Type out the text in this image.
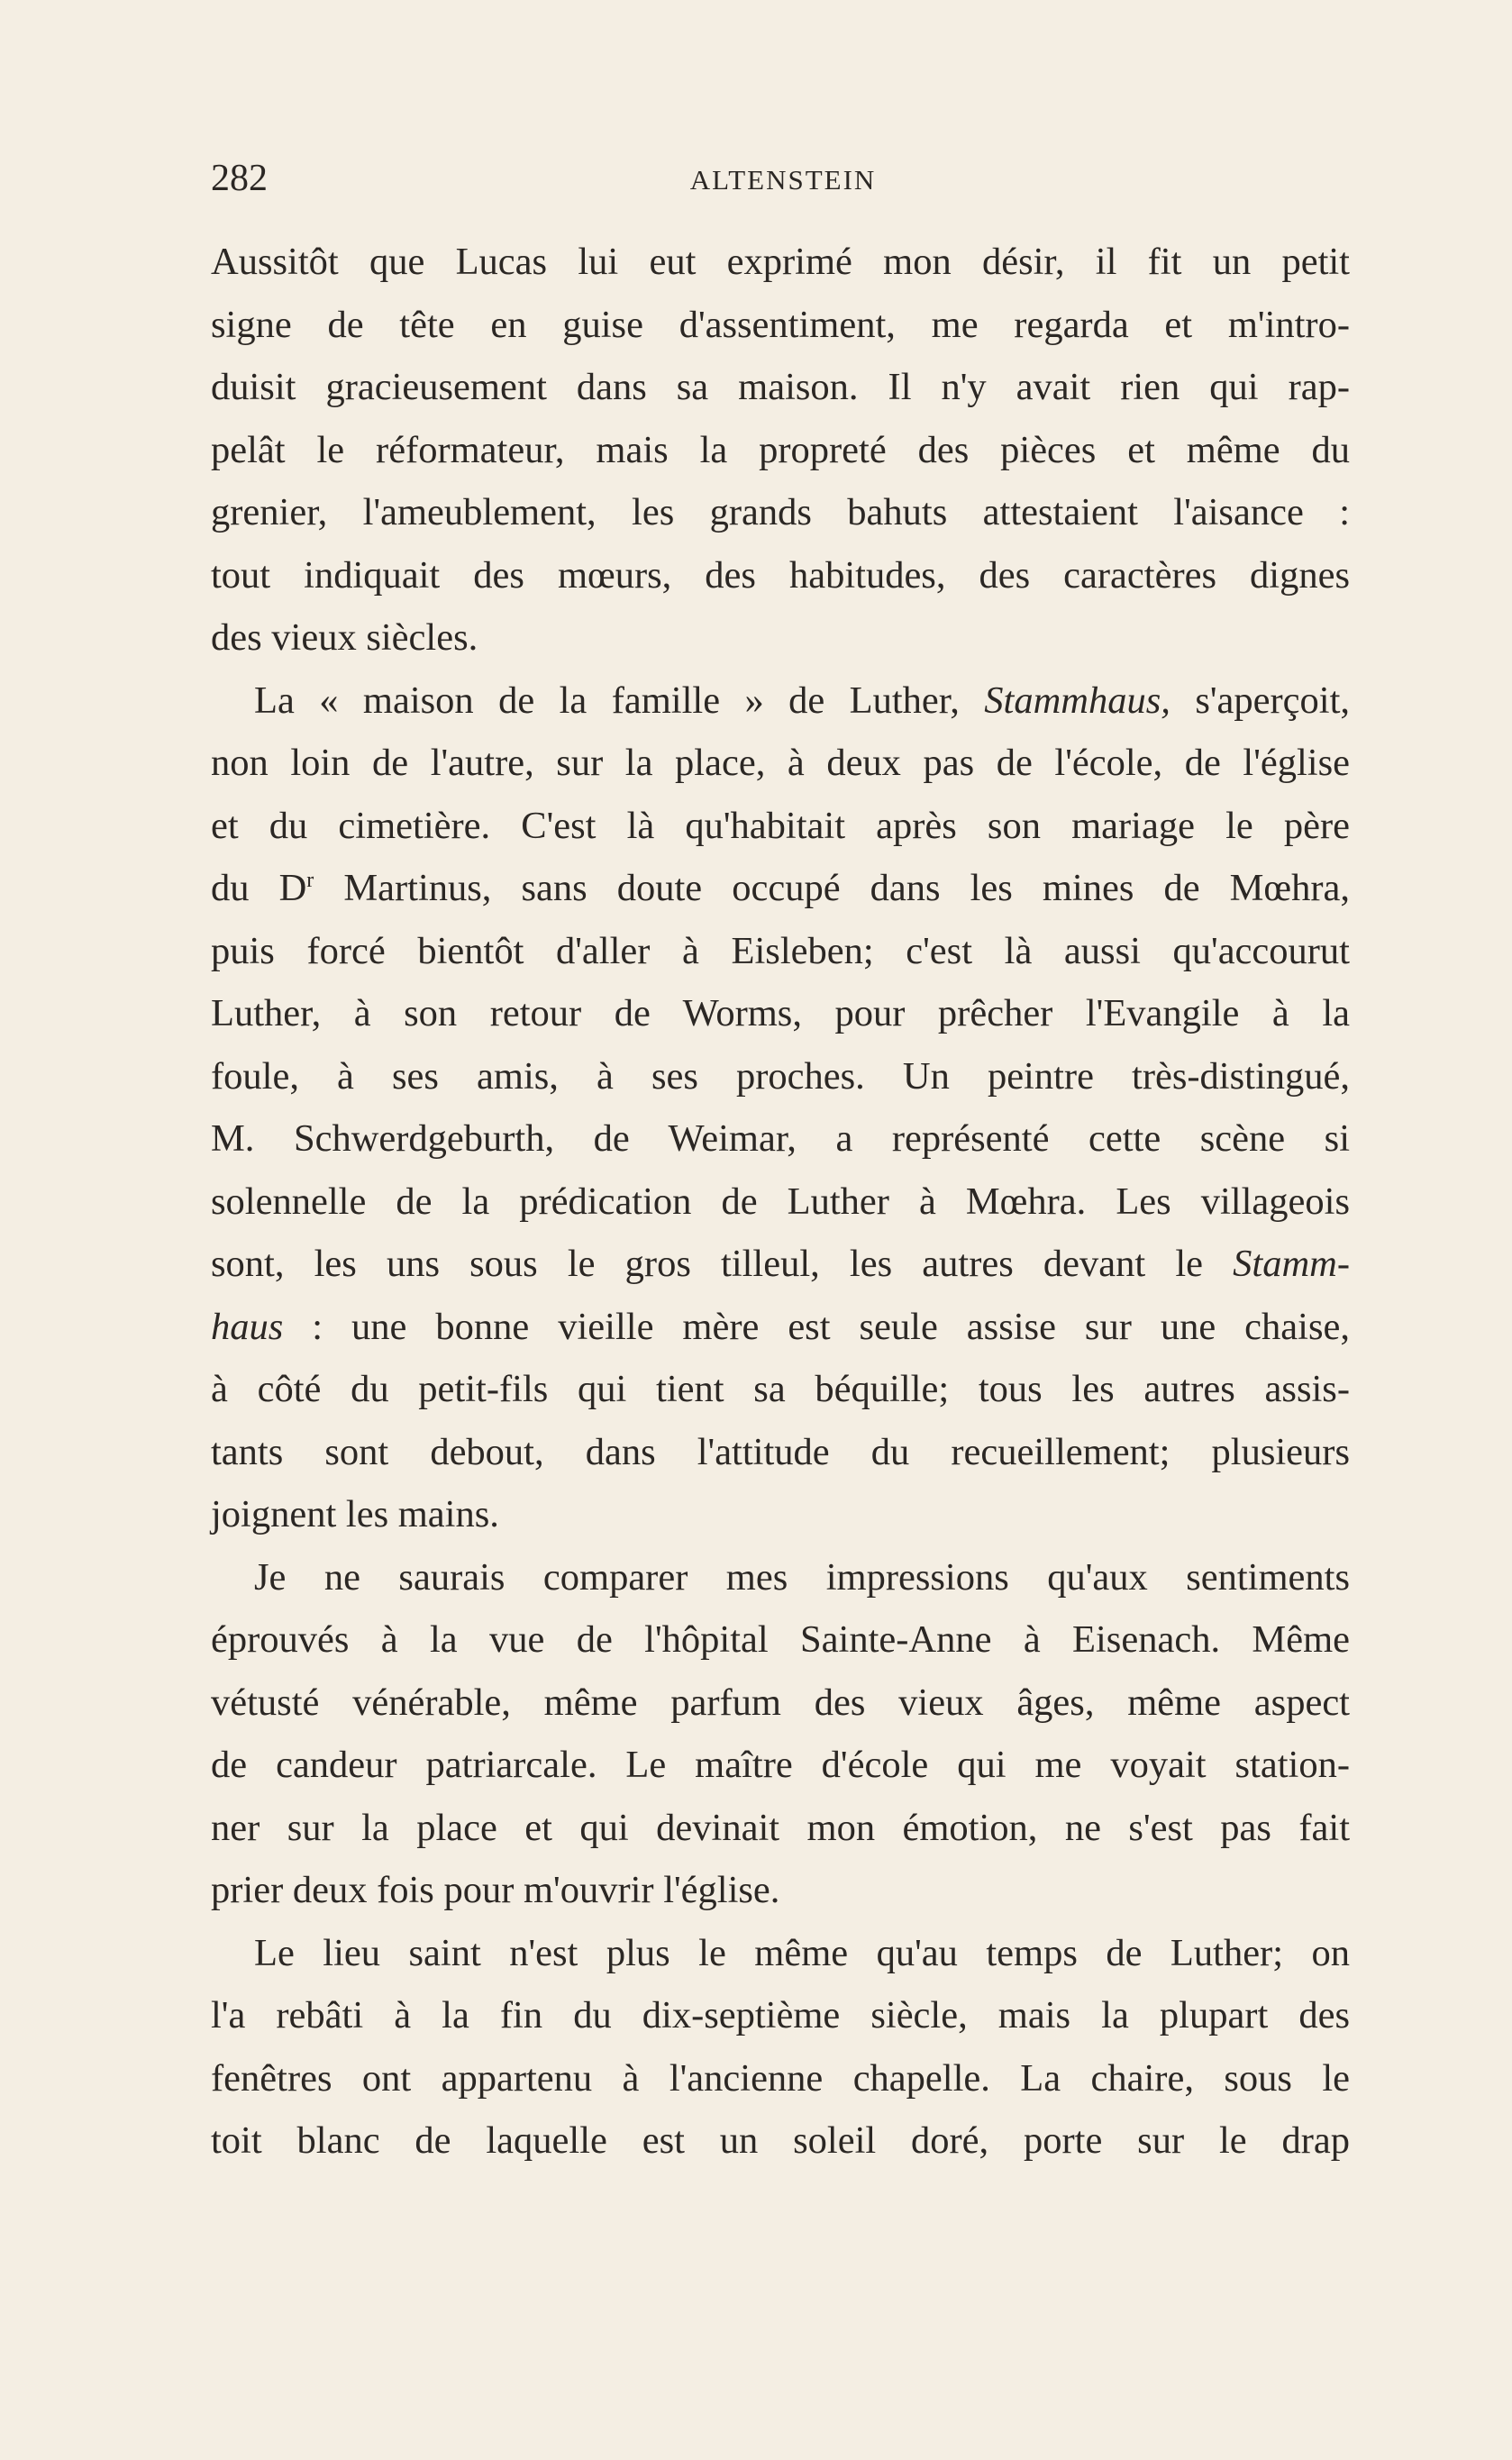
282	ALTENSTEIN
Aussitôt que Lucas lui eut exprimé mon désir, il fit un petit
signe de tête en guise d'assentiment, me regarda et m'intro-
duisit gracieusement dans sa maison. Il n'y avait rien qui rap-
pelât le réformateur, mais la propreté des pièces et même du
grenier, l'ameublement, les grands bahuts attestaient l'aisance :
tout indiquait des mœurs, des habitudes, des caractères dignes
des vieux siècles.
La « maison de la famille » de Luther, Stammhaus, s'aperçoit,
non loin de l'autre, sur la place, à deux pas de l'école, de l'église
et du cimetière. C'est là qu'habitait après son mariage le père
du $D^r$ Martinus, sans doute occupé dans les mines de Mœhra,
puis forcé bientôt d'aller à Eisleben; c'est là aussi qu'accourut
Luther, à son retour de Worms, pour prêcher l'Evangile à la
foule, à ses amis, à ses proches. Un peintre très-distingué,
M. Schwerdgeburth, de Weimar, a représenté cette scène si
solennelle de la prédication de Luther à Mœhra. Les villageois
sont, les uns sous le gros tilleul, les autres devant le Stamm-
haus : une bonne vieille mère est seule assise sur une chaise,
à côté du petit-fils qui tient sa béquille; tous les autres assis-
tants sont debout, dans l'attitude du recueillement; plusieurs
joignent les mains.
Je ne saurais comparer mes impressions qu'aux sentiments
éprouvés à la vue de l'hôpital Sainte-Anne à Eisenach. Même
vétusté vénérable, même parfum des vieux âges, même aspect
de candeur patriarcale. Le maître d'école qui me voyait station-
ner sur la place et qui devinait mon émotion, ne s'est pas fait
prier deux fois pour m'ouvrir l'église.
Le lieu saint n'est plus le même qu'au temps de Luther; on
l'a rebâti à la fin du dix-septième siècle, mais la plupart des
fenêtres ont appartenu à l'ancienne chapelle. La chaire, sous le
toit blanc de laquelle est un soleil doré, porte sur le drap
